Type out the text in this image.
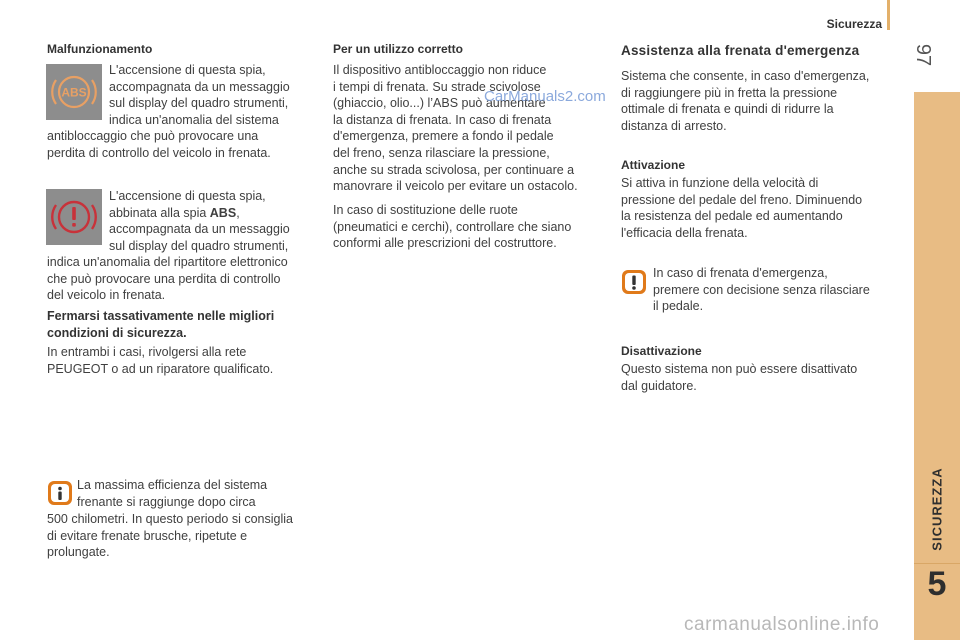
Sicurezza
97
SICUREZZA
5
Malfunzionamento
ABS
L'accensione di questa spia,
accompagnata da un messaggio
sul display del quadro strumenti,
indica un'anomalia del sistema
antibloccaggio che può provocare una
perdita di controllo del veicolo in frenata.
L'accensione di questa spia,
abbinata alla spia ABS,
accompagnata da un messaggio
sul display del quadro strumenti,
indica un'anomalia del ripartitore elettronico
che può provocare una perdita di controllo
del veicolo in frenata.
Fermarsi tassativamente nelle migliori
condizioni di sicurezza.
In entrambi i casi, rivolgersi alla rete
PEUGEOT o ad un riparatore qualificato.
La massima efficienza del sistema
frenante si raggiunge dopo circa
500 chilometri. In questo periodo si consiglia
di evitare frenate brusche, ripetute e
prolungate.
Per un utilizzo corretto
Il dispositivo antibloccaggio non riduce
i tempi di frenata. Su strade scivolose
(ghiaccio, olio...) l’ABS può aumentare
la distanza di frenata. In caso di frenata
d'emergenza, premere a fondo il pedale
del freno, senza rilasciare la pressione,
anche su strada scivolosa, per continuare a
manovrare il veicolo per evitare un ostacolo.
In caso di sostituzione delle ruote
(pneumatici e cerchi), controllare che siano
conformi alle prescrizioni del costruttore.
Assistenza alla frenata d'emergenza
Sistema che consente, in caso d'emergenza,
di raggiungere più in fretta la pressione
ottimale di frenata e quindi di ridurre la
distanza di arresto.
Attivazione
Si attiva in funzione della velocità di
pressione del pedale del freno. Diminuendo
la resistenza del pedale ed aumentando
l'efficacia della frenata.
In caso di frenata d'emergenza,
premere con decisione senza rilasciare
il pedale.
Disattivazione
Questo sistema non può essere disattivato
dal guidatore.
CarManuals2.com
carmanualsonline.info
